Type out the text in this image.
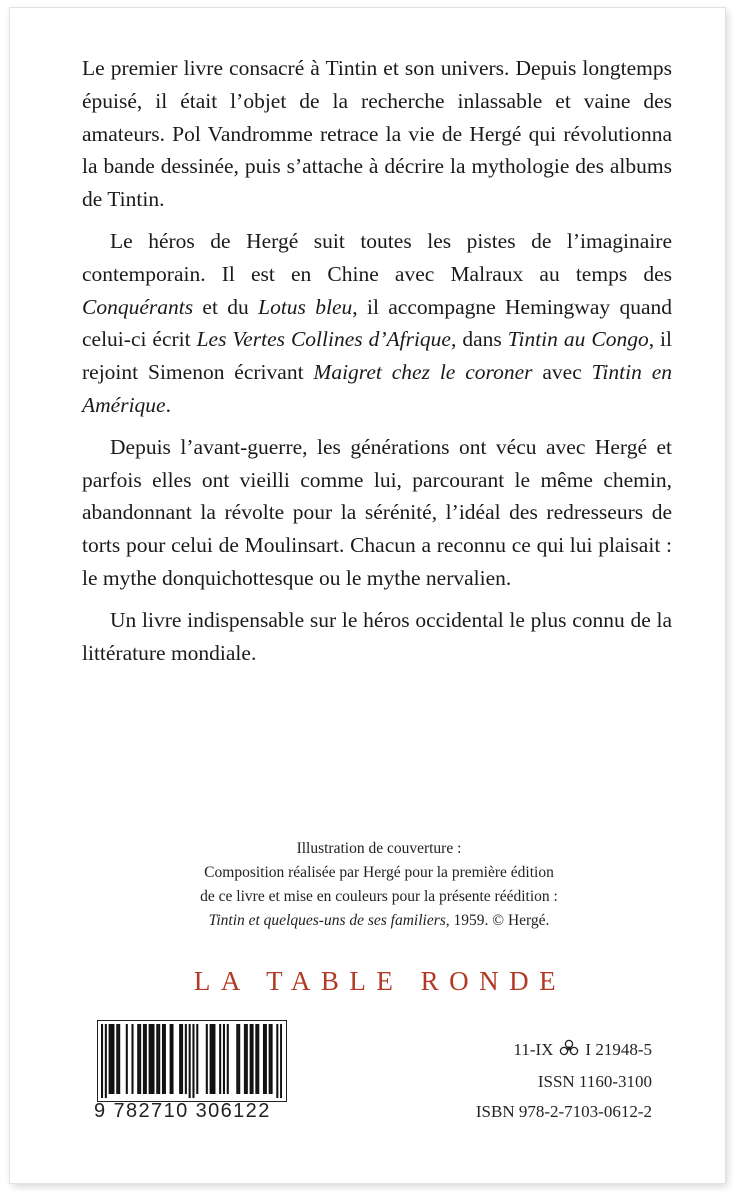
Le premier livre consacré à Tintin et son univers. Depuis longtemps épuisé, il était l’objet de la recherche inlassable et vaine des amateurs. Pol Vandromme retrace la vie de Hergé qui révolutionna la bande dessinée, puis s’attache à décrire la mythologie des albums de Tintin.

Le héros de Hergé suit toutes les pistes de l’imaginaire contemporain. Il est en Chine avec Malraux au temps des Conquérants et du Lotus bleu, il accompagne Hemingway quand celui-ci écrit Les Vertes Collines d’Afrique, dans Tintin au Congo, il rejoint Simenon écrivant Maigret chez le coroner avec Tintin en Amérique.

Depuis l’avant-guerre, les générations ont vécu avec Hergé et parfois elles ont vieilli comme lui, parcourant le même chemin, abandonnant la révolte pour la sérénité, l’idéal des redresseurs de torts pour celui de Moulinsart. Chacun a reconnu ce qui lui plaisait : le mythe donquichottesque ou le mythe nervalien.

Un livre indispensable sur le héros occidental le plus connu de la littérature mondiale.

Illustration de couverture :
Composition réalisée par Hergé pour la première édition
de ce livre et mise en couleurs pour la présente réédition :
Tintin et quelques-uns de ses familiers, 1959. © Hergé.
LA TABLE RONDE
9 782710 306122
11-IX I 21948-5
ISSN 1160-3100
ISBN 978-2-7103-0612-2
